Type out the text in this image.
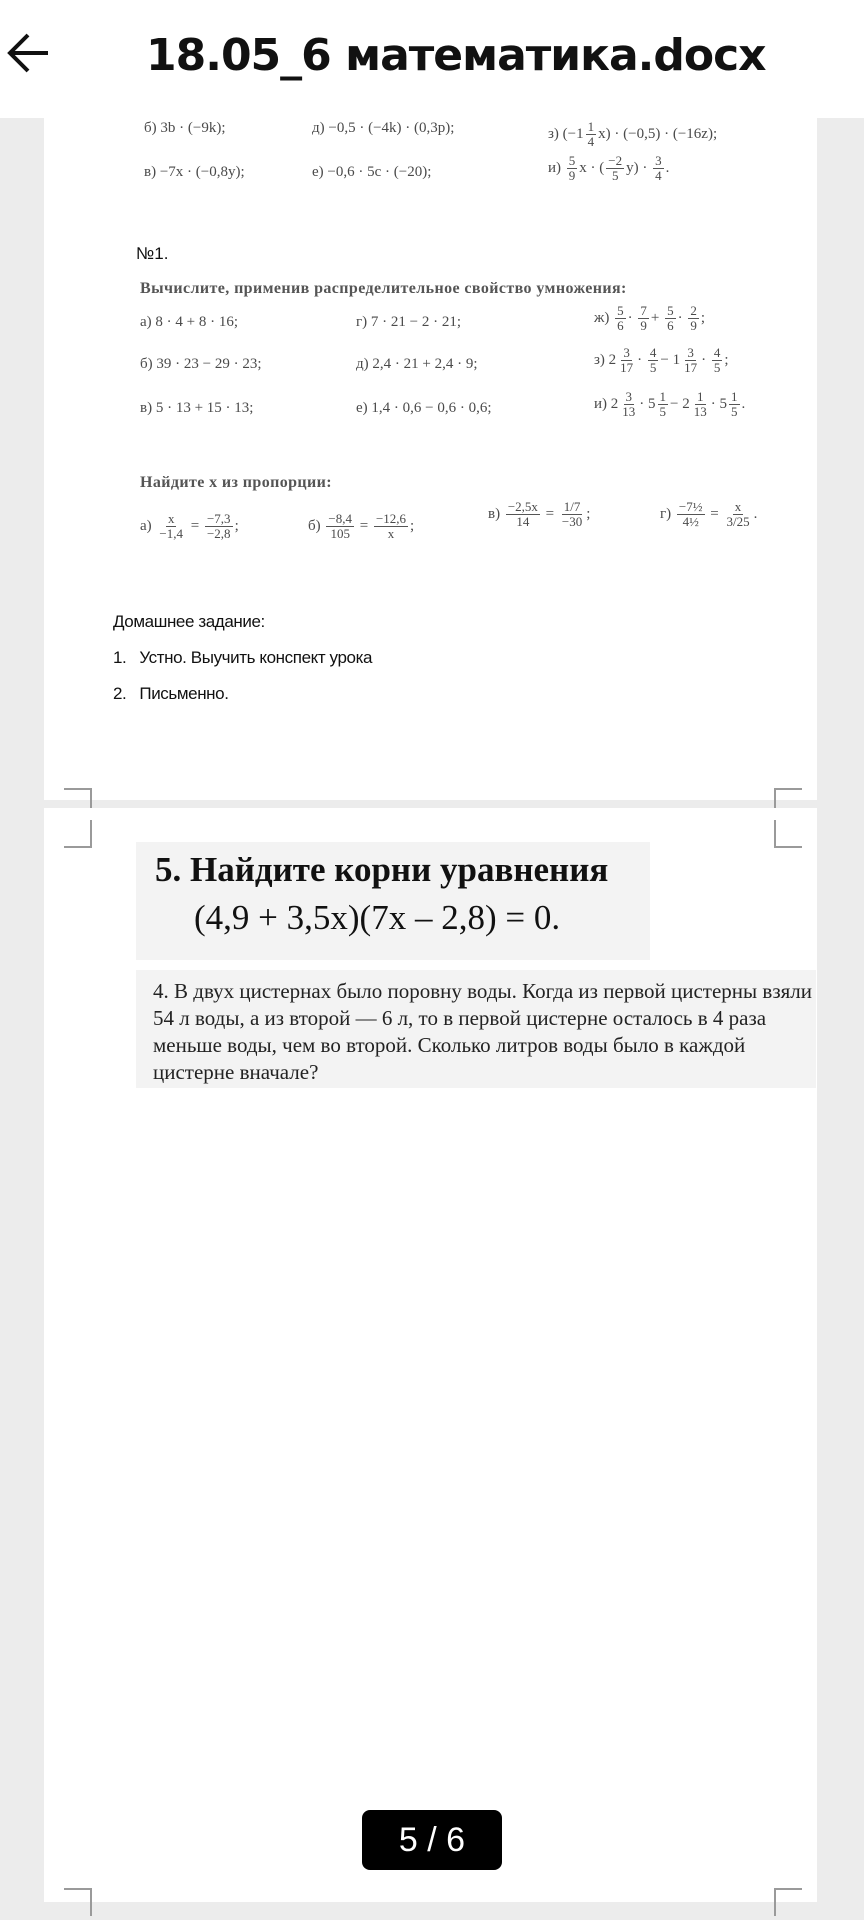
18.05_6 математика.docx
б) 3b · (−9k);	д) −0,5 · (−4k) · (0,3p);	з) $(-1 \frac{1}{4} x) \cdot (-0,5) \cdot (-16z)$;
в) −7x · (−0,8y);	е) −0,6 · 5c · (−20);	$и) \frac{5}{9}$ x · ( $\frac{-2}{5} y) \cdot \frac{3}{4}$ .
№1.
Вычислите, применив распределительное свойство умножения:
а) 8 · 4 + 8 · 16;	г) 7 · 21 − 2 · 21;	$ж) \frac{5}{6} \cdot \frac{7}{9} + \frac{5}{6} \cdot \frac{2}{9}$ ;
б) 39 · 23 − 29 · 23;	д) 2,4 · 21 + 2,4 · 9;	з) $2 \frac{3}{17} \cdot \frac{4}{5} - 1 \frac{3}{17} \cdot \frac{4}{5}$ ;
в) 5 · 13 + 15 · 13;	е) 1,4 · 0,6 − 0,6 · 0,6;	и) $2 \frac{3}{13} \cdot 5 \frac{1}{5} - 2 \frac{1}{13} \cdot 5 \frac{1}{5}$ .
Найдите x из пропорции:
$а) \frac{x}{-1,4} = \frac{-7,3}{-2,8}$ ;	$б) \frac{-8,4}{105} = \frac{-12,6}{x}$ ;
$в) \frac{-2,5x}{14} = \frac{1/7}{-30}$ ;	$г) \frac{\text{−7½}}{\text{4½}} = \frac{x}{3/25}$ .
Домашнее задание:
1. Устно. Выучить конспект урока
2. Письменно.
5. Найдите корни уравнения
(4,9 + 3,5x)(7x – 2,8) = 0.
4. В двух цистернах было поровну воды. Когда из первой цистерны взяли 54 л воды, а из второй — 6 л, то в первой цистерне осталось в 4 раза меньше воды, чем во второй. Сколько литров воды было в каждой цистерне вначале?
5 / 6
